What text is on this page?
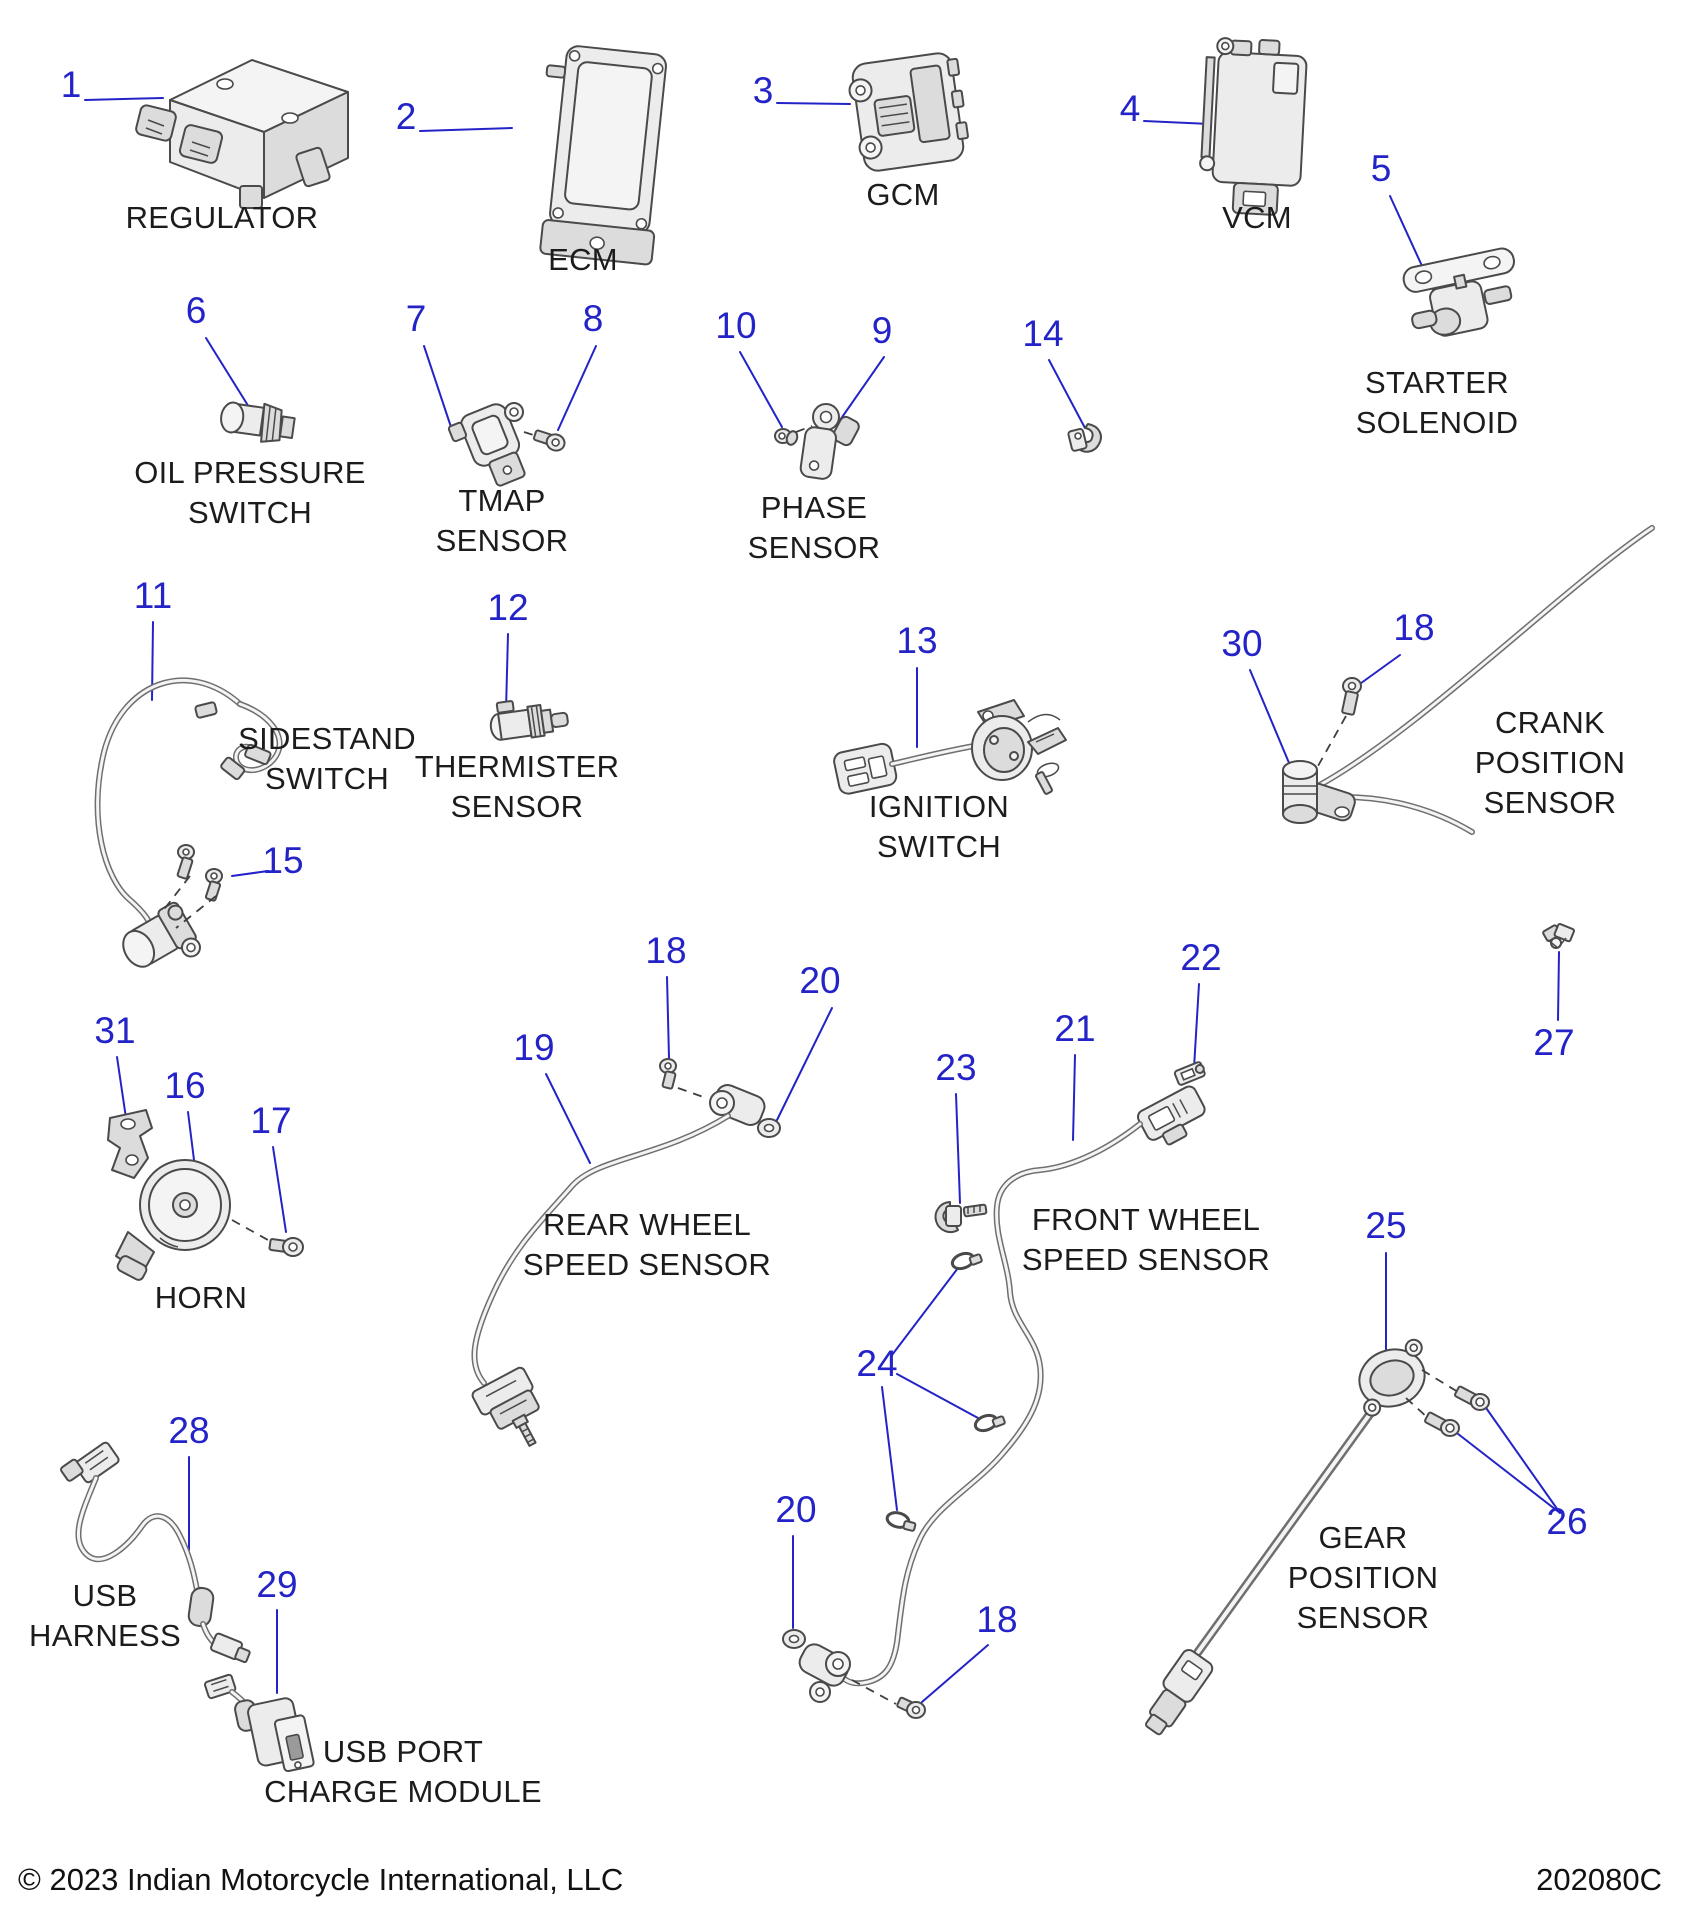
1
2
3	4
5
6	7	8	10	9	14
11	12
13	30	18
15
31
16
17
19
18
20
23
21
22
27
24
25
26
20
18
28
29
REGULATOR
ECM
GCM
VCM
STARTER
SOLENOID
OIL PRESSURE
SWITCH	TMAP
SENSOR
PHASE
SENSOR
SIDESTAND
SWITCH THERMISTER
SENSOR	IGNITION
SWITCH
CRANK
POSITION
SENSOR
HORN
REAR WHEEL
SPEED SENSOR
FRONT WHEEL
SPEED SENSOR
GEAR
POSITION
SENSOR
USB
HARNESS
USB PORT
CHARGE MODULE
© 2023 Indian Motorcycle International, LLC	202080C
